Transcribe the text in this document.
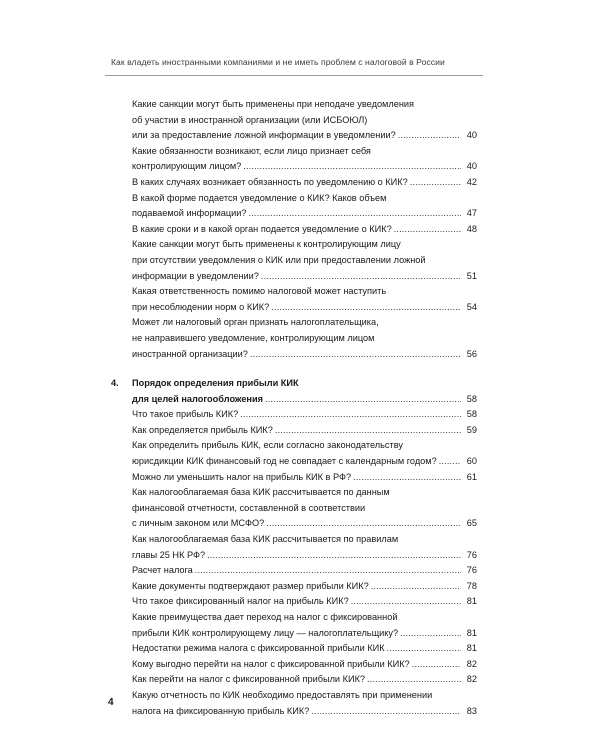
Как владеть иностранными компаниями и не иметь проблем с налоговой в России
Какие санкции могут быть применены при неподаче уведомления
об участии в иностранной организации (или ИСБОЮЛ)
или за предоставление ложной информации в уведомлении? . . .	40
Какие обязанности возникают, если лицо признает себя
контролирующим лицом? . . .	40
В каких случаях возникает обязанность по уведомлению о КИК? . . .	42
В какой форме подается уведомление о КИК? Каков объем
подаваемой информации? . . .	47
В какие сроки и в какой орган подается уведомление о КИК? . . .	48
Какие санкции могут быть применены к контролирующим лицу
при отсутствии уведомления о КИК или при предоставлении ложной
информации в уведомлении? . . .	51
Какая ответственность помимо налоговой может наступить
при несоблюдении норм о КИК? . . .	54
Может ли налоговый орган признать налогоплательщика,
не направившего уведомление, контролирующим лицом
иностранной организации? . . .	56
4. Порядок определения прибыли КИК
для целей налогообложения . . .	58
Что такое прибыль КИК? . . .	58
Как определяется прибыль КИК? . . .	59
Как определить прибыль КИК, если согласно законодательству
юрисдикции КИК финансовый год не совпадает с календарным годом? . . .	60
Можно ли уменьшить налог на прибыль КИК в РФ? . . .	61
Как налогооблагаемая база КИК рассчитывается по данным
финансовой отчетности, составленной в соответствии
с личным законом или МСФО? . . .	65
Как налогооблагаемая база КИК рассчитывается по правилам
главы 25 НК РФ? . . .	76
Расчет налога . . .	76
Какие документы подтверждают размер прибыли КИК? . . .	78
Что такое фиксированный налог на прибыль КИК? . . .	81
Какие преимущества дает переход на налог с фиксированной
прибыли КИК контролирующему лицу — налогоплательщику? . . .	81
Недостатки режима налога с фиксированной прибыли КИК . . .	81
Кому выгодно перейти на налог с фиксированной прибыли КИК? . . .	82
Как перейти на налог с фиксированной прибыли КИК? . . .	82
Какую отчетность по КИК необходимо предоставлять при применении
налога на фиксированную прибыль КИК? . . .	83
4
